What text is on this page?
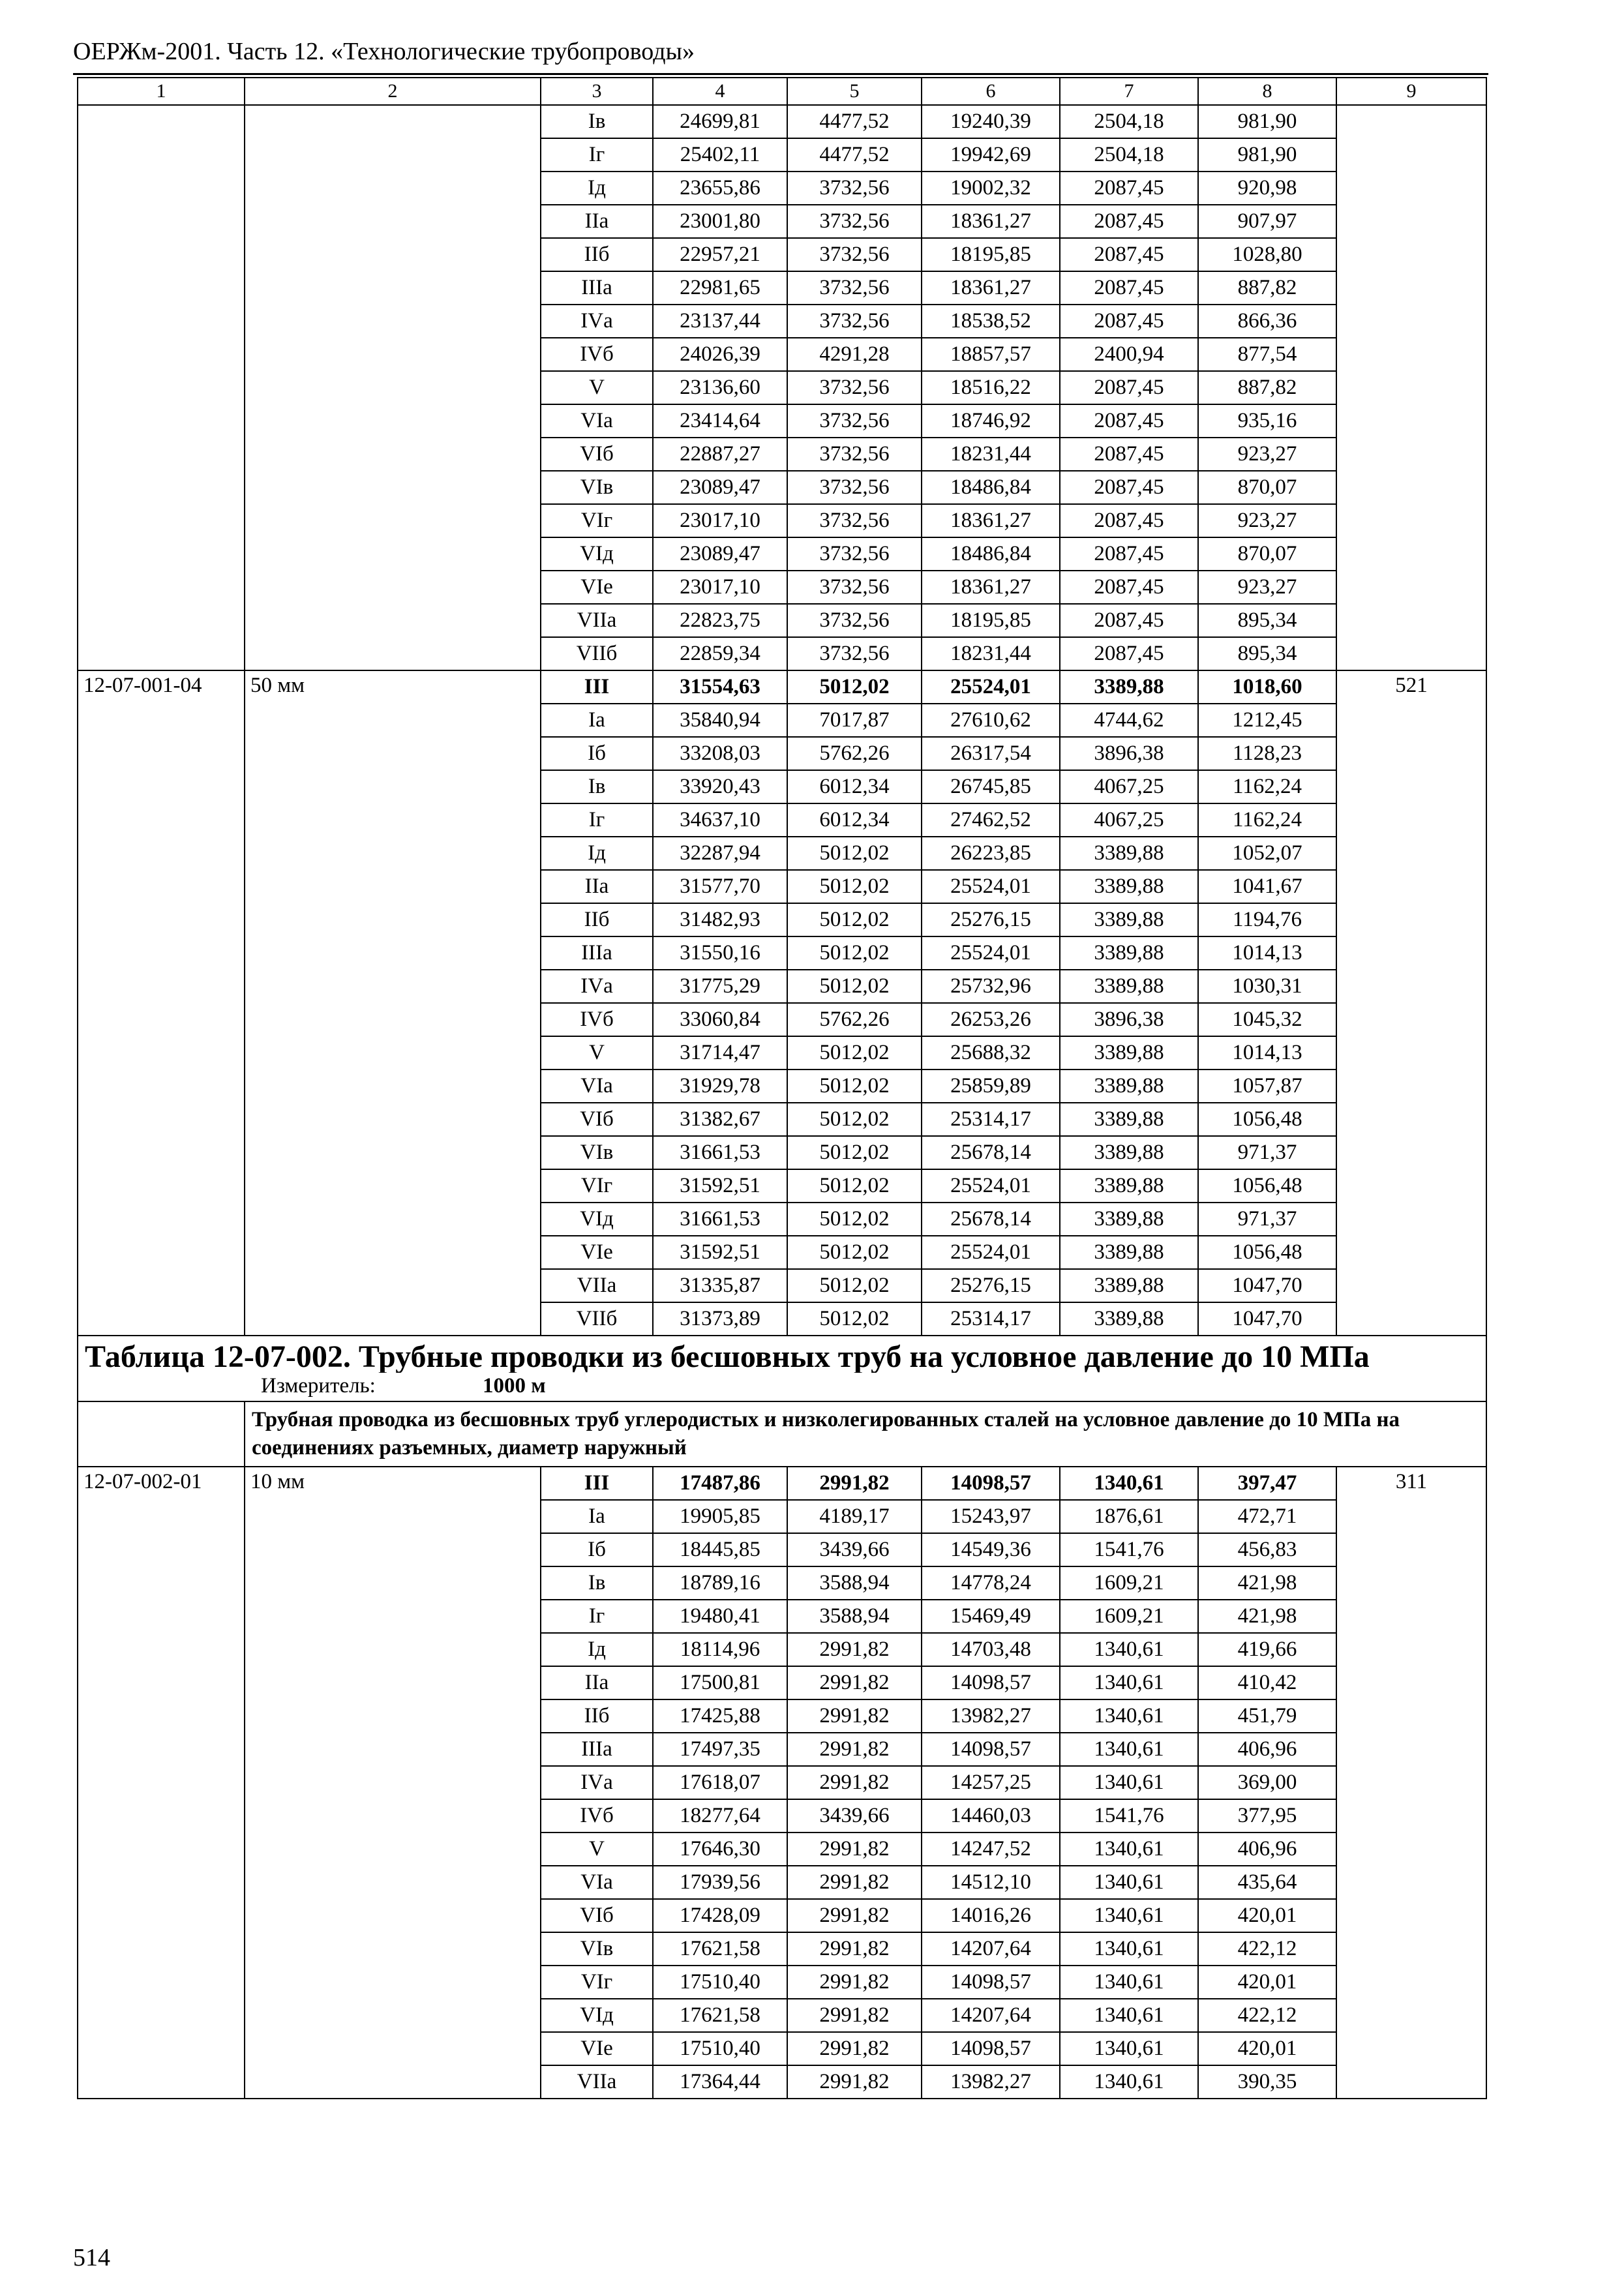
ОЕРЖм-2001. Часть 12. «Технологические трубопроводы»
1	2	3	4	5	6	7	8	9
		Iв	24699,81	4477,52	19240,39	2504,18	981,90	
		Iг	25402,11	4477,52	19942,69	2504,18	981,90	
		Iд	23655,86	3732,56	19002,32	2087,45	920,98	
		IIа	23001,80	3732,56	18361,27	2087,45	907,97	
		IIб	22957,21	3732,56	18195,85	2087,45	1028,80	
		IIIа	22981,65	3732,56	18361,27	2087,45	887,82	
		IVа	23137,44	3732,56	18538,52	2087,45	866,36	
		IVб	24026,39	4291,28	18857,57	2400,94	877,54	
		V	23136,60	3732,56	18516,22	2087,45	887,82	
		VIа	23414,64	3732,56	18746,92	2087,45	935,16	
		VIб	22887,27	3732,56	18231,44	2087,45	923,27	
		VIв	23089,47	3732,56	18486,84	2087,45	870,07	
		VIг	23017,10	3732,56	18361,27	2087,45	923,27	
		VIд	23089,47	3732,56	18486,84	2087,45	870,07	
		VIе	23017,10	3732,56	18361,27	2087,45	923,27	
		VIIа	22823,75	3732,56	18195,85	2087,45	895,34	
		VIIб	22859,34	3732,56	18231,44	2087,45	895,34	
12-07-001-04	50 мм	III	31554,63	5012,02	25524,01	3389,88	1018,60	521
		Iа	35840,94	7017,87	27610,62	4744,62	1212,45	
		Iб	33208,03	5762,26	26317,54	3896,38	1128,23	
		Iв	33920,43	6012,34	26745,85	4067,25	1162,24	
		Iг	34637,10	6012,34	27462,52	4067,25	1162,24	
		Iд	32287,94	5012,02	26223,85	3389,88	1052,07	
		IIа	31577,70	5012,02	25524,01	3389,88	1041,67	
		IIб	31482,93	5012,02	25276,15	3389,88	1194,76	
		IIIа	31550,16	5012,02	25524,01	3389,88	1014,13	
		IVа	31775,29	5012,02	25732,96	3389,88	1030,31	
		IVб	33060,84	5762,26	26253,26	3896,38	1045,32	
		V	31714,47	5012,02	25688,32	3389,88	1014,13	
		VIа	31929,78	5012,02	25859,89	3389,88	1057,87	
		VIб	31382,67	5012,02	25314,17	3389,88	1056,48	
		VIв	31661,53	5012,02	25678,14	3389,88	971,37	
		VIг	31592,51	5012,02	25524,01	3389,88	1056,48	
		VIд	31661,53	5012,02	25678,14	3389,88	971,37	
		VIе	31592,51	5012,02	25524,01	3389,88	1056,48	
		VIIа	31335,87	5012,02	25276,15	3389,88	1047,70	
		VIIб	31373,89	5012,02	25314,17	3389,88	1047,70	
Таблица 12-07-002. Трубные проводки из бесшовных труб на условное давление до 10 МПа								
Измеритель: 1000 м								
	Трубная проводка из бесшовных труб углеродистых и низколегированных сталей на условное давление до 10 МПа на соединениях разъемных, диаметр наружный							
12-07-002-01	10 мм	III	17487,86	2991,82	14098,57	1340,61	397,47	311
		Iа	19905,85	4189,17	15243,97	1876,61	472,71	
		Iб	18445,85	3439,66	14549,36	1541,76	456,83	
		Iв	18789,16	3588,94	14778,24	1609,21	421,98	
		Iг	19480,41	3588,94	15469,49	1609,21	421,98	
		Iд	18114,96	2991,82	14703,48	1340,61	419,66	
		IIа	17500,81	2991,82	14098,57	1340,61	410,42	
		IIб	17425,88	2991,82	13982,27	1340,61	451,79	
		IIIа	17497,35	2991,82	14098,57	1340,61	406,96	
		IVа	17618,07	2991,82	14257,25	1340,61	369,00	
		IVб	18277,64	3439,66	14460,03	1541,76	377,95	
		V	17646,30	2991,82	14247,52	1340,61	406,96	
		VIа	17939,56	2991,82	14512,10	1340,61	435,64	
		VIб	17428,09	2991,82	14016,26	1340,61	420,01	
		VIв	17621,58	2991,82	14207,64	1340,61	422,12	
		VIг	17510,40	2991,82	14098,57	1340,61	420,01	
		VIд	17621,58	2991,82	14207,64	1340,61	422,12	
		VIе	17510,40	2991,82	14098,57	1340,61	420,01	
		VIIа	17364,44	2991,82	13982,27	1340,61	390,35	
514
